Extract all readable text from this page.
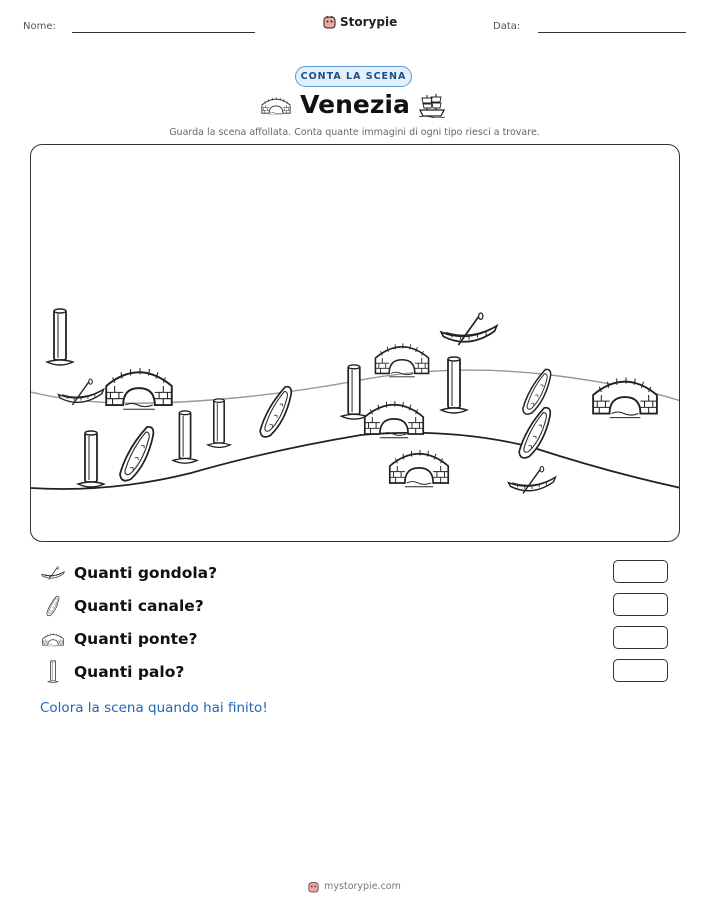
Nome:	Storypie	Data:
CONTA LA SCENA
Venezia
Guarda la scena affollata. Conta quante immagini di ogni tipo riesci a trovare.
Quanti gondola?
Quanti canale?
Quanti ponte?
Quanti palo?
Colora la scena quando hai finito!
mystorypie.com
